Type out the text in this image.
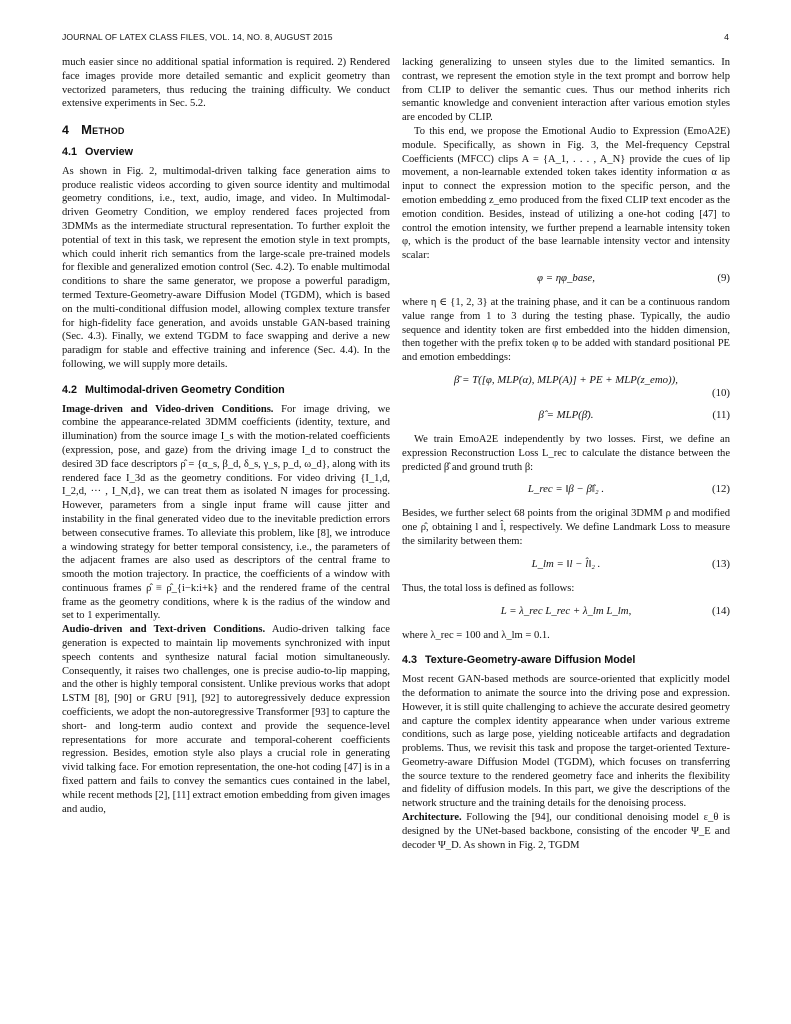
JOURNAL OF LATEX CLASS FILES, VOL. 14, NO. 8, AUGUST 2015	4

much easier since no additional spatial information is required. 2) Rendered face images provide more detailed semantic and explicit geometry than vectorized parameters, thus reducing the training difficulty. We conduct extensive experiments in Sec. 5.2.

4 Method
4.1 Overview

As shown in Fig. 2, multimodal-driven talking face generation aims to produce realistic videos according to given source identity and multimodal geometry conditions, i.e., text, audio, image, and video. In Multimodal-driven Geometry Condition, we employ rendered faces projected from 3DMMs as the intermediate structural representation. To further exploit the potential of text in this task, we represent the emotion style in text prompts, which could inherit rich semantics from the large-scale pre-trained models for flexible and generalized emotion control (Sec. 4.2). To enable multimodal conditions to share the same generator, we propose a powerful paradigm, termed Texture-Geometry-aware Diffusion Model (TGDM), which is based on the multi-conditional diffusion model, allowing complex texture transfer for high-fidelity face generation, and avoids unstable GAN-based training (Sec. 4.3). Finally, we extend TGDM to face swapping and derive a new paradigm for stable and effective training and inference (Sec. 4.4). In the following, we will supply more details.

4.2 Multimodal-driven Geometry Condition

Image-driven and Video-driven Conditions. For image driving, we combine the appearance-related 3DMM coefficients (identity, texture, and illumination) from the source image I_s with the motion-related coefficients (expression, pose, and gaze) from the driving image I_d to construct the desired 3D face descriptors ρ̂ = {α_s, β_d, δ_s, γ_s, p_d, ω_d}, along with its rendered face I_3d as the geometry conditions. For video driving {I_1,d, I_2,d, ··· , I_N,d}, we can treat them as isolated N images for processing. However, parameters from a single input frame will cause jitter and instability in the final generated video due to the inevitable prediction errors between consecutive frames. To alleviate this problem, like [8], we introduce a windowing strategy for better temporal consistency, i.e., the parameters of the adjacent frames are also used as descriptors of the central frame to smooth the motion trajectory. In practice, the coefficients of a window with continuous frames ρ̂ ≡ ρ̂_{i−k:i+k} and the rendered frame of the central frame as the geometry conditions, where k is the radius of the window and set to 1 experimentally.

Audio-driven and Text-driven Conditions. Audio-driven talking face generation is expected to maintain lip movements synchronized with input speech contents and synthesize natural facial motion simultaneously. Consequently, it raises two challenges, one is precise audio-to-lip mapping, and the other is highly temporal consistent. Unlike previous works that adopt LSTM [8], [90] or GRU [91], [92] to autoregressively deduce expression coefficients, we adopt the non-autoregressive Transformer [93] to capture the short- and long-term audio context and provide the sequence-level representations for more accurate and temporal-coherent coefficients regression. Besides, emotion style also plays a crucial role in generating vivid talking face. For emotion representation, the one-hot coding [47] is in a fixed pattern and fails to convey the semantics cues contained in the label, while recent methods [2], [11] extract emotion embedding from given images and audio,

lacking generalizing to unseen styles due to the limited semantics. In contrast, we represent the emotion style in the text prompt and borrow help from CLIP to deliver the semantic cues. Thus our method inherits rich semantic knowledge and convenient interaction after various emotion styles are encoded by CLIP.

To this end, we propose the Emotional Audio to Expression (EmoA2E) module. Specifically, as shown in Fig. 3, the Mel-frequency Cepstral Coefficients (MFCC) clips A = {A_1, . . . , A_N} provide the cues of lip movement, a non-learnable extended token takes identity information α as input to connect the expression motion to the specific person, and the emotion embedding z_emo produced from the fixed CLIP text encoder as the emotion condition. Besides, instead of utilizing a one-hot coding [47] to control the emotion intensity, we further prepend a learnable intensity token φ, which is the product of the base learnable intensity vector and intensity scalar:

φ = ηφ_base,	(9)

where η ∈ {1, 2, 3} at the training phase, and it can be a continuous random value range from 1 to 3 during the testing phase. Typically, the audio sequence and identity token are first embedded into the hidden dimension, then together with the prefix token φ to be added with standard positional PE and emotion embeddings:

β̄ = T([φ, MLP(α), MLP(A)] + PE + MLP(z_emo)),
(10)
β̂ = MLP(β̄).	(11)

We train EmoA2E independently by two losses. First, we define an expression Reconstruction Loss L_rec to calculate the distance between the predicted β̂ and ground truth β:

L_rec = ‖β − β̂‖₂ .	(12)

Besides, we further select 68 points from the original 3DMM ρ and modified one ρ̂, obtaining l and l̂, respectively. We define Landmark Loss to measure the similarity between them:

L_lm = ‖l − l̂‖₂ .	(13)

Thus, the total loss is defined as follows:

L = λ_rec L_rec + λ_lm L_lm,	(14)

where λ_rec = 100 and λ_lm = 0.1.

4.3 Texture-Geometry-aware Diffusion Model

Most recent GAN-based methods are source-oriented that explicitly model the deformation to animate the source into the driving pose and expression. However, it is still quite challenging to achieve the accurate desired geometry and capture the complex identity appearance when under various extreme conditions, such as large pose, yielding noticeable artifacts and degradation problems. Thus, we revisit this task and propose the target-oriented Texture-Geometry-aware Diffusion Model (TGDM), which focuses on transferring the source texture to the rendered geometry face and inherits the flexibility and fidelity of diffusion models. In this part, we give the descriptions of the network structure and the training details for the denoising process.

Architecture. Following the [94], our conditional denoising model ε_θ is designed by the UNet-based backbone, consisting of the encoder Ψ_E and decoder Ψ_D. As shown in Fig. 2, TGDM
